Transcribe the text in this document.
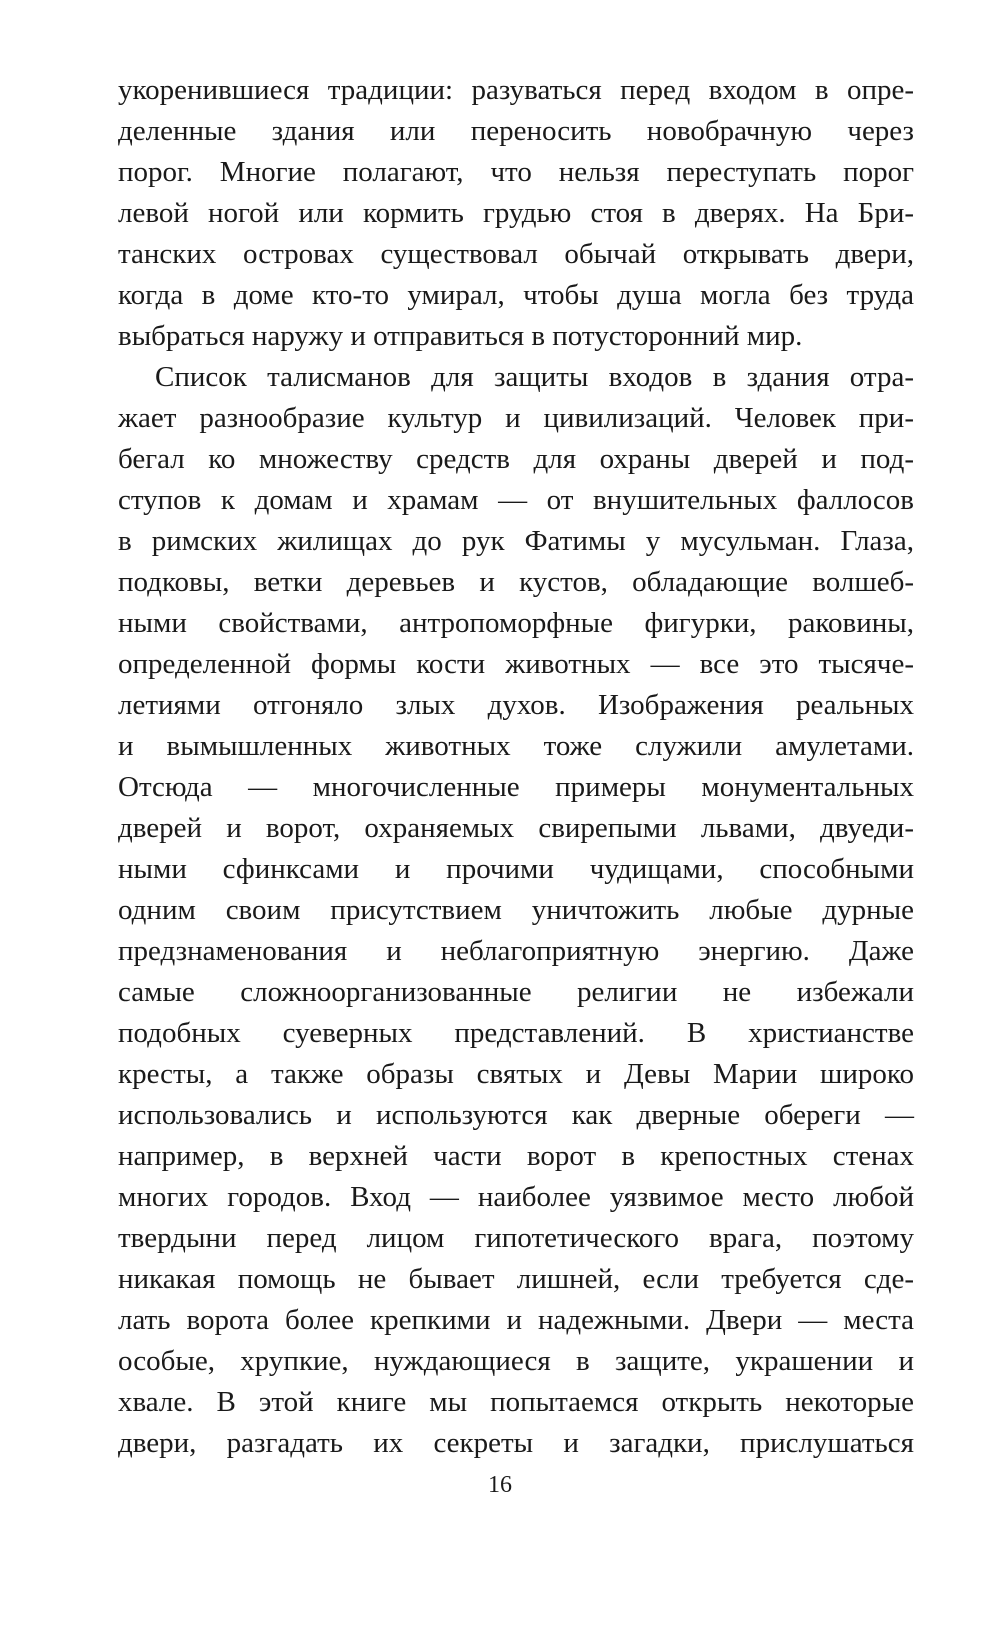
укоренившиеся традиции: разуваться перед входом в опре-
деленные здания или переносить новобрачную через
порог. Многие полагают, что нельзя переступать порог
левой ногой или кормить грудью стоя в дверях. На Бри-
танских островах существовал обычай открывать двери,
когда в доме кто-то умирал, чтобы душа могла без труда
выбраться наружу и отправиться в потусторонний мир.
Список талисманов для защиты входов в здания отра-
жает разнообразие культур и цивилизаций. Человек при-
бегал ко множеству средств для охраны дверей и под-
ступов к домам и храмам — от внушительных фаллосов
в римских жилищах до рук Фатимы у мусульман. Глаза,
подковы, ветки деревьев и кустов, обладающие волшеб-
ными свойствами, антропоморфные фигурки, раковины,
определенной формы кости животных — все это тысяче-
летиями отгоняло злых духов. Изображения реальных
и вымышленных животных тоже служили амулетами.
Отсюда — многочисленные примеры монументальных
дверей и ворот, охраняемых свирепыми львами, двуеди-
ными сфинксами и прочими чудищами, способными
одним своим присутствием уничтожить любые дурные
предзнаменования и неблагоприятную энергию. Даже
самые сложноорганизованные религии не избежали
подобных суеверных представлений. В христианстве
кресты, а также образы святых и Девы Марии широко
использовались и используются как дверные обереги —
например, в верхней части ворот в крепостных стенах
многих городов. Вход — наиболее уязвимое место любой
твердыни перед лицом гипотетического врага, поэтому
никакая помощь не бывает лишней, если требуется сде-
лать ворота более крепкими и надежными. Двери — места
особые, хрупкие, нуждающиеся в защите, украшении и
хвале. В этой книге мы попытаемся открыть некоторые
двери, разгадать их секреты и загадки, прислушаться
16
